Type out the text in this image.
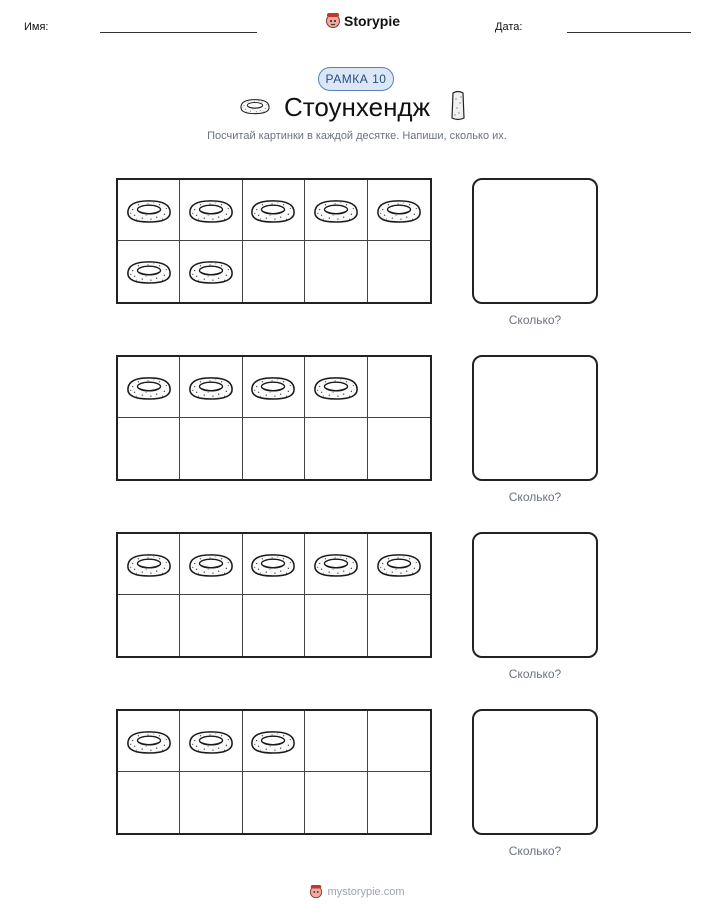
Имя:	Storypie	Дата:
РАМКА 10
Стоунхендж
Посчитай картинки в каждой десятке. Напиши, сколько их.
Сколько?
Сколько?
Сколько?
Сколько?
mystorypie.com
